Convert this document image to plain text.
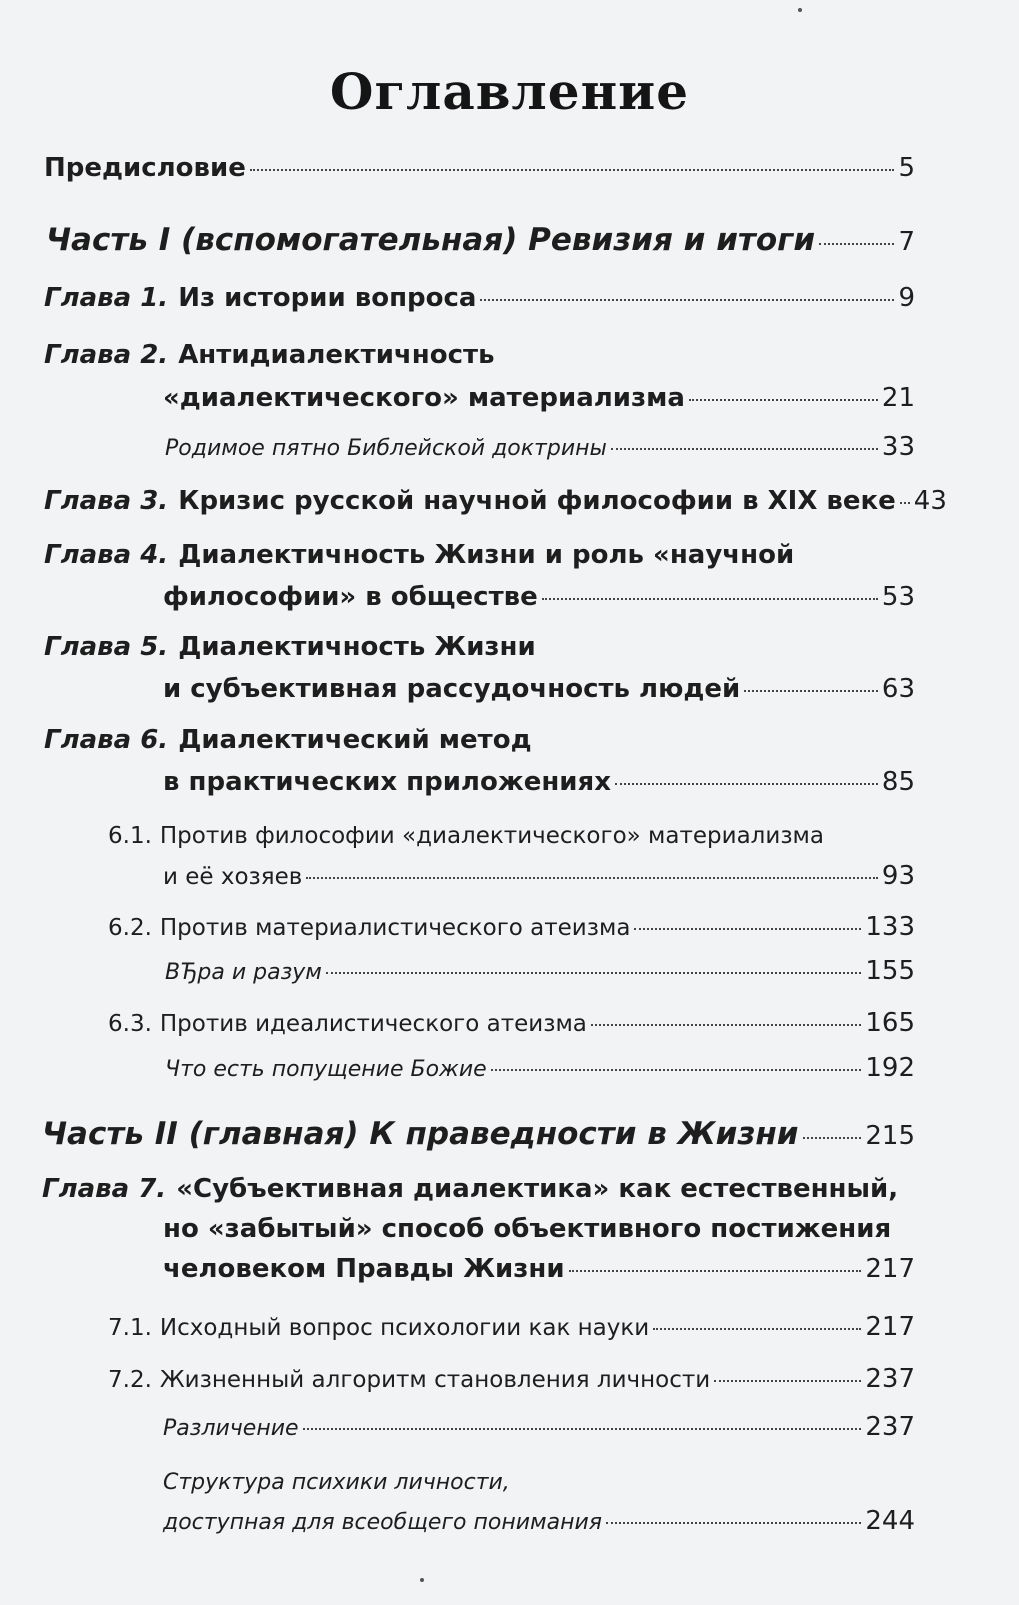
Оглавление
Предисловие	5
Часть I (вспомогательная) Ревизия и итоги	7
Глава 1. Из истории вопроса	9
Глава 2. Антидиалектичность
«диалектического» материализма	21
Родимое пятно Библейской доктрины	33
Глава 3. Кризис русской научной философии в XIX веке 43
Глава 4. Диалектичность Жизни и роль «научной
философии» в обществе	53
Глава 5. Диалектичность Жизни
и субъективная рассудочность людей	63
Глава 6. Диалектический метод
в практических приложениях	85
6.1. Против философии «диалектического» материализма
и её хозяев	93
6.2. Против материалистического атеизма	133
ВЂра и разум	155
6.3. Против идеалистического атеизма	165
Что есть попущение Божие	192
Часть II (главная) К праведности в Жизни	215
Глава 7. «Субъективная диалектика» как естественный,
но «забытый» способ объективного постижения
человеком Правды Жизни	217
7.1. Исходный вопрос психологии как науки	217
7.2. Жизненный алгоритм становления личности	237
Различение	237
Структура психики личности,
доступная для всеобщего понимания	244
